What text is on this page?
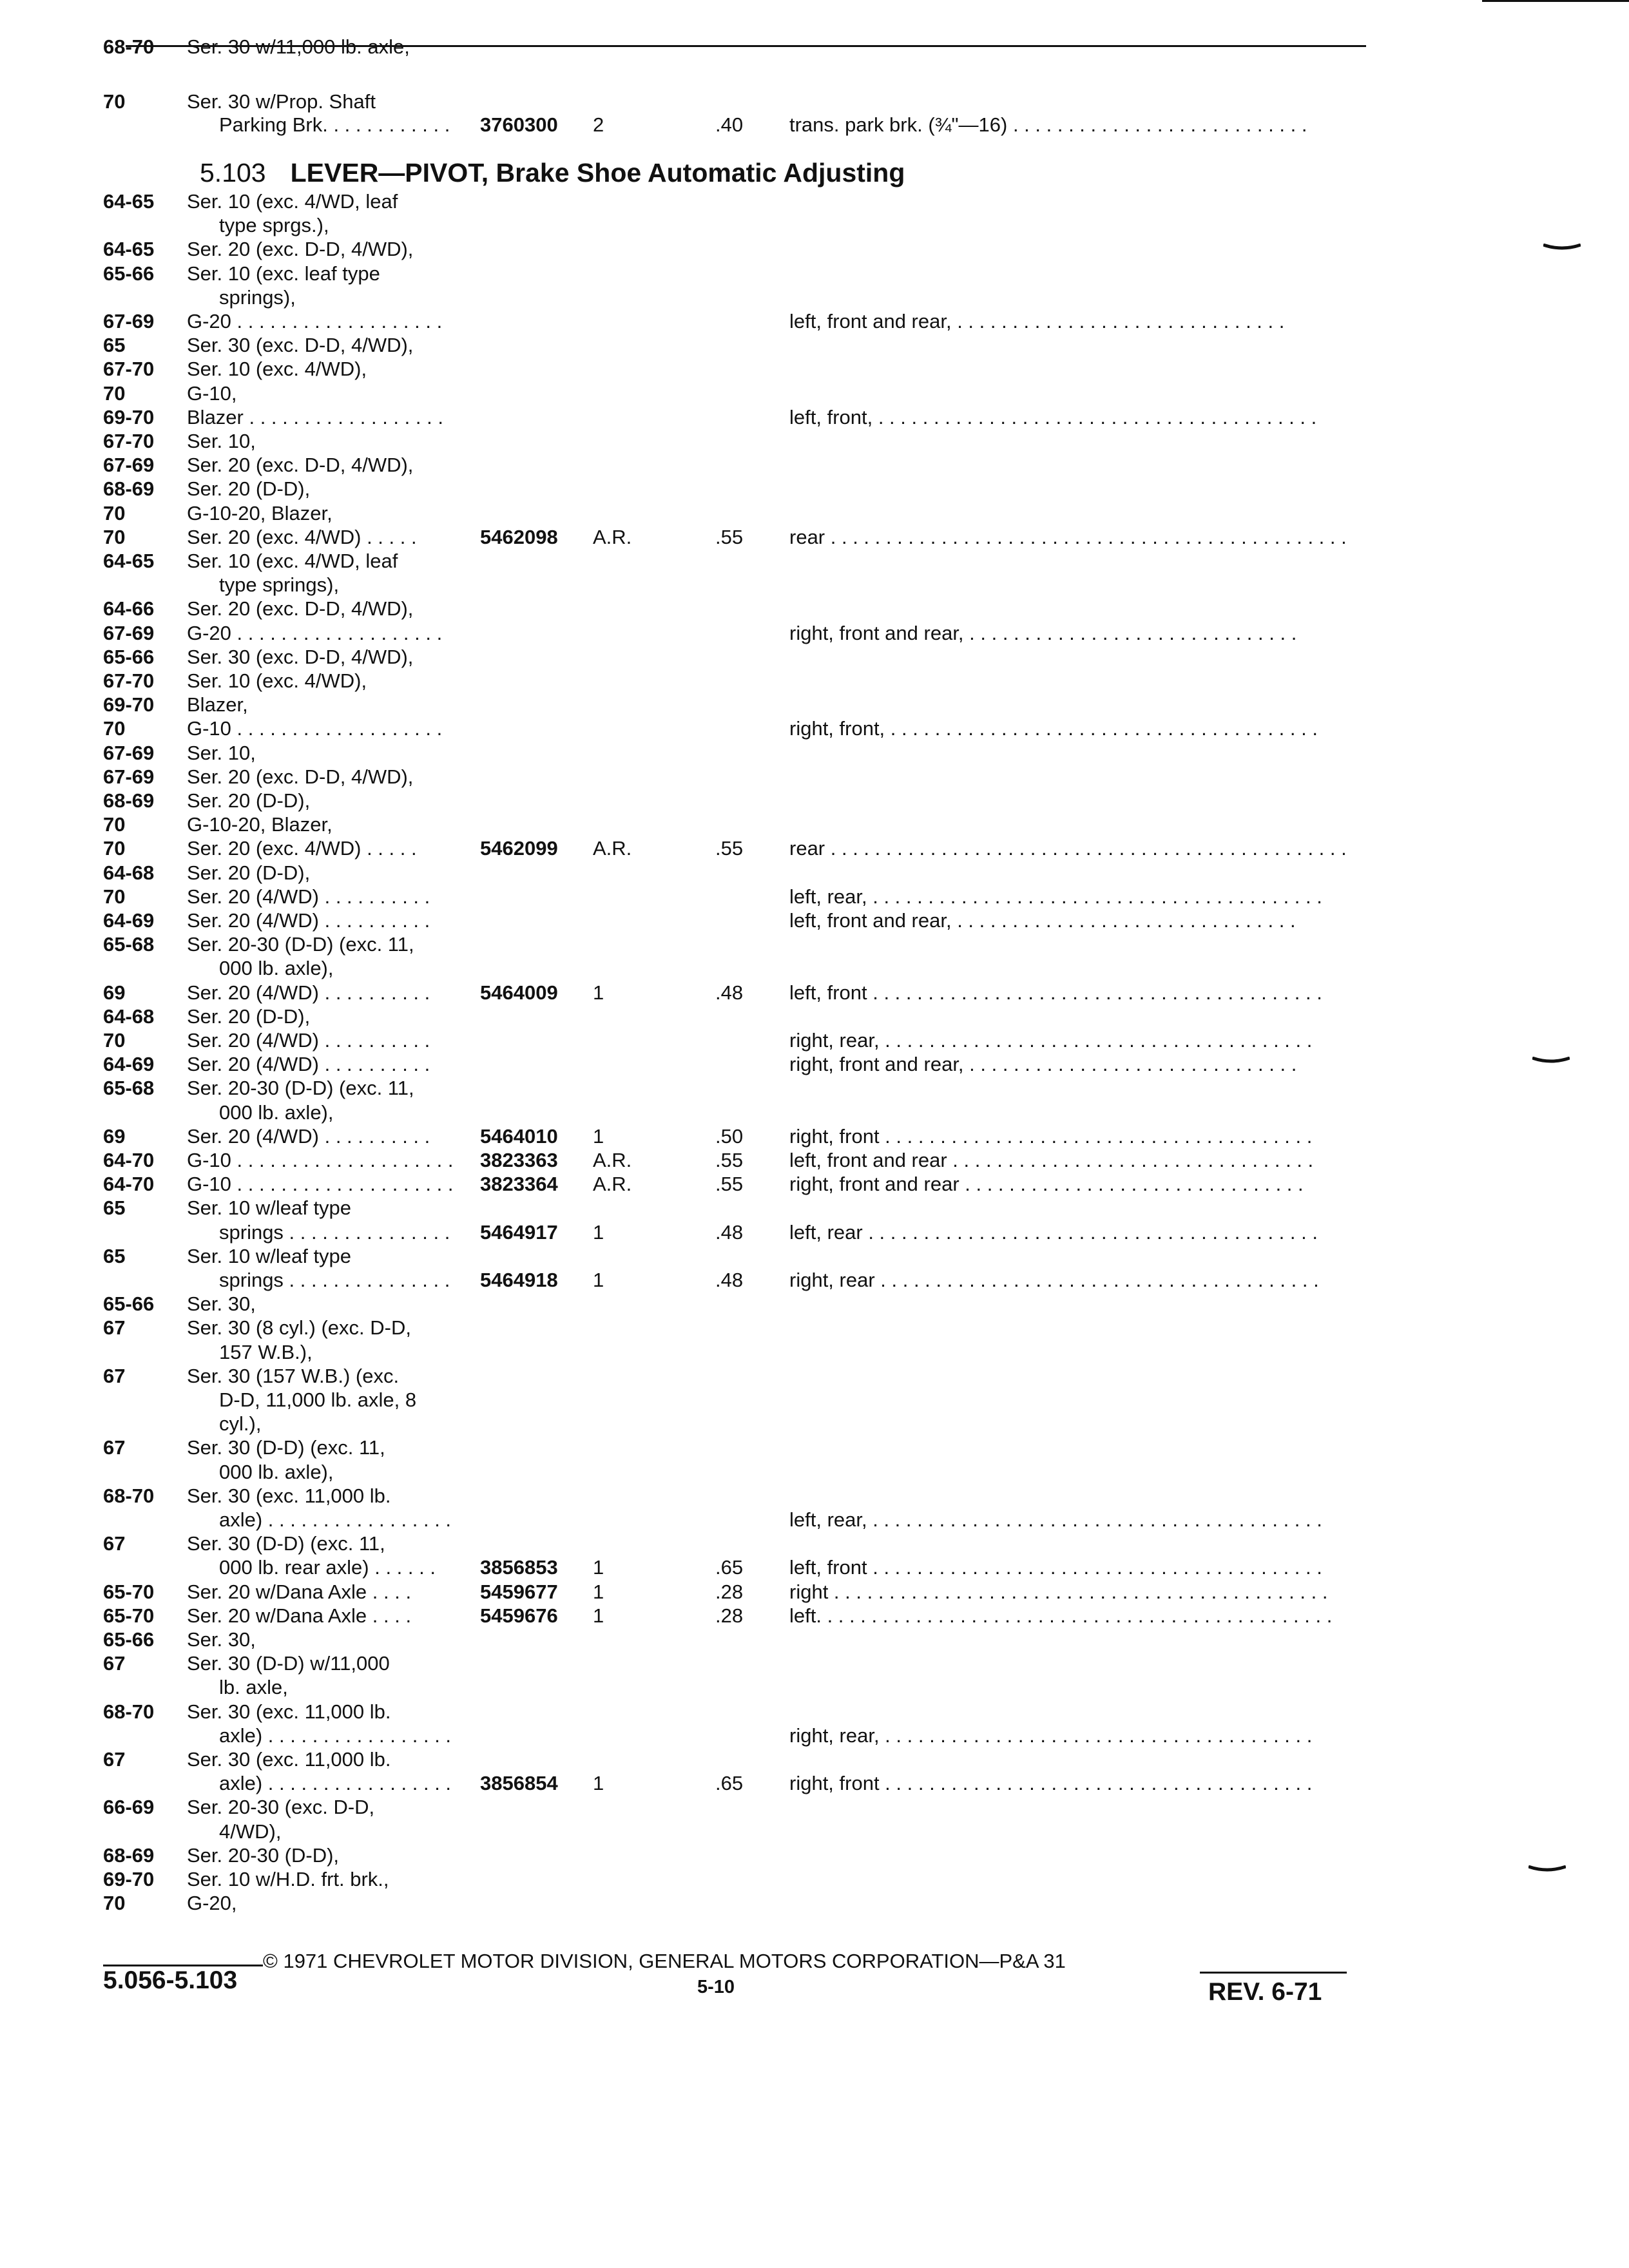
68-70 Ser. 30 w/11,000 lb. axle,
70	Ser. 30 w/Prop. Shaft
Parking Brk. . . . . . . . . . . . 3760300 2	.40 trans. park brk. (¾"—16) . . . . . . . . . . . . . . . . . . . . . . . . . . .
64-65 Ser. 10 (exc. 4/WD, leaf
type sprgs.),
64-65 Ser. 20 (exc. D-D, 4/WD),
65-66 Ser. 10 (exc. leaf type
springs),
67-69 G-20 . . . . . . . . . . . . . . . . . . .	left, front and rear, . . . . . . . . . . . . . . . . . . . . . . . . . . . . . .
65	Ser. 30 (exc. D-D, 4/WD),
67-70 Ser. 10 (exc. 4/WD),
70	G-10,
69-70 Blazer . . . . . . . . . . . . . . . . . .	left, front, . . . . . . . . . . . . . . . . . . . . . . . . . . . . . . . . . . . . . . . .
67-70 Ser. 10,
67-69 Ser. 20 (exc. D-D, 4/WD),
68-69 Ser. 20 (D-D),
70	G-10-20, Blazer,
70	Ser. 20 (exc. 4/WD) . . . . .	5462098 A.R.	.55 rear . . . . . . . . . . . . . . . . . . . . . . . . . . . . . . . . . . . . . . . . . . . . . . .
64-65 Ser. 10 (exc. 4/WD, leaf
type springs),
64-66 Ser. 20 (exc. D-D, 4/WD),
67-69 G-20 . . . . . . . . . . . . . . . . . . .	right, front and rear, . . . . . . . . . . . . . . . . . . . . . . . . . . . . . .
65-66 Ser. 30 (exc. D-D, 4/WD),
67-70 Ser. 10 (exc. 4/WD),
69-70 Blazer,
70	G-10 . . . . . . . . . . . . . . . . . . .	right, front, . . . . . . . . . . . . . . . . . . . . . . . . . . . . . . . . . . . . . . .
67-69 Ser. 10,
67-69 Ser. 20 (exc. D-D, 4/WD),
68-69 Ser. 20 (D-D),
70	G-10-20, Blazer,
70	Ser. 20 (exc. 4/WD) . . . . .	5462099 A.R.	.55 rear . . . . . . . . . . . . . . . . . . . . . . . . . . . . . . . . . . . . . . . . . . . . . . .
64-68 Ser. 20 (D-D),
70	Ser. 20 (4/WD) . . . . . . . . . .	left, rear, . . . . . . . . . . . . . . . . . . . . . . . . . . . . . . . . . . . . . . . . .
64-69 Ser. 20 (4/WD) . . . . . . . . . .	left, front and rear, . . . . . . . . . . . . . . . . . . . . . . . . . . . . . . .
65-68 Ser. 20-30 (D-D) (exc. 11,
000 lb. axle),
69	Ser. 20 (4/WD) . . . . . . . . . .	5464009 1	.48 left, front . . . . . . . . . . . . . . . . . . . . . . . . . . . . . . . . . . . . . . . . .
64-68 Ser. 20 (D-D),
70	Ser. 20 (4/WD) . . . . . . . . . .	right, rear, . . . . . . . . . . . . . . . . . . . . . . . . . . . . . . . . . . . . . . .
64-69 Ser. 20 (4/WD) . . . . . . . . . .	right, front and rear, . . . . . . . . . . . . . . . . . . . . . . . . . . . . . .
65-68 Ser. 20-30 (D-D) (exc. 11,
000 lb. axle),
69	Ser. 20 (4/WD) . . . . . . . . . .	5464010 1	.50 right, front . . . . . . . . . . . . . . . . . . . . . . . . . . . . . . . . . . . . . . .
64-70 G-10 . . . . . . . . . . . . . . . . . . . . 3823363 A.R.	.55 left, front and rear . . . . . . . . . . . . . . . . . . . . . . . . . . . . . . . . .
64-70 G-10 . . . . . . . . . . . . . . . . . . . . 3823364 A.R.	.55 right, front and rear . . . . . . . . . . . . . . . . . . . . . . . . . . . . . . .
65	Ser. 10 w/leaf type
springs . . . . . . . . . . . . . . . 5464917 1	.48 left, rear . . . . . . . . . . . . . . . . . . . . . . . . . . . . . . . . . . . . . . . . .
65	Ser. 10 w/leaf type
springs . . . . . . . . . . . . . . . 5464918 1	.48 right, rear . . . . . . . . . . . . . . . . . . . . . . . . . . . . . . . . . . . . . . . .
65-66 Ser. 30,
67	Ser. 30 (8 cyl.) (exc. D-D,
157 W.B.),
67	Ser. 30 (157 W.B.) (exc.
D-D, 11,000 lb. axle, 8
cyl.),
67	Ser. 30 (D-D) (exc. 11,
000 lb. axle),
68-70 Ser. 30 (exc. 11,000 lb.
axle) . . . . . . . . . . . . . . . . .	left, rear, . . . . . . . . . . . . . . . . . . . . . . . . . . . . . . . . . . . . . . . . .
67	Ser. 30 (D-D) (exc. 11,
000 lb. rear axle) . . . . . . 3856853 1	.65 left, front . . . . . . . . . . . . . . . . . . . . . . . . . . . . . . . . . . . . . . . . .
65-70 Ser. 20 w/Dana Axle . . . .	5459677 1	.28 right . . . . . . . . . . . . . . . . . . . . . . . . . . . . . . . . . . . . . . . . . . . . .
65-70 Ser. 20 w/Dana Axle . . . .	5459676 1	.28 left. . . . . . . . . . . . . . . . . . . . . . . . . . . . . . . . . . . . . . . . . . . . . . .
65-66 Ser. 30,
67	Ser. 30 (D-D) w/11,000
lb. axle,
68-70 Ser. 30 (exc. 11,000 lb.
axle) . . . . . . . . . . . . . . . . .	right, rear, . . . . . . . . . . . . . . . . . . . . . . . . . . . . . . . . . . . . . . .
67	Ser. 30 (exc. 11,000 lb.
axle) . . . . . . . . . . . . . . . . . 3856854 1	.65 right, front . . . . . . . . . . . . . . . . . . . . . . . . . . . . . . . . . . . . . . .
66-69 Ser. 20-30 (exc. D-D,
4/WD),
68-69 Ser. 20-30 (D-D),
69-70 Ser. 10 w/H.D. frt. brk.,
70	G-20,
5.103 LEVER—PIVOT, Brake Shoe Automatic Adjusting
© 1971 CHEVROLET MOTOR DIVISION, GENERAL MOTORS CORPORATION—P&A 31
5.056-5.103	5-10	REV. 6-71
